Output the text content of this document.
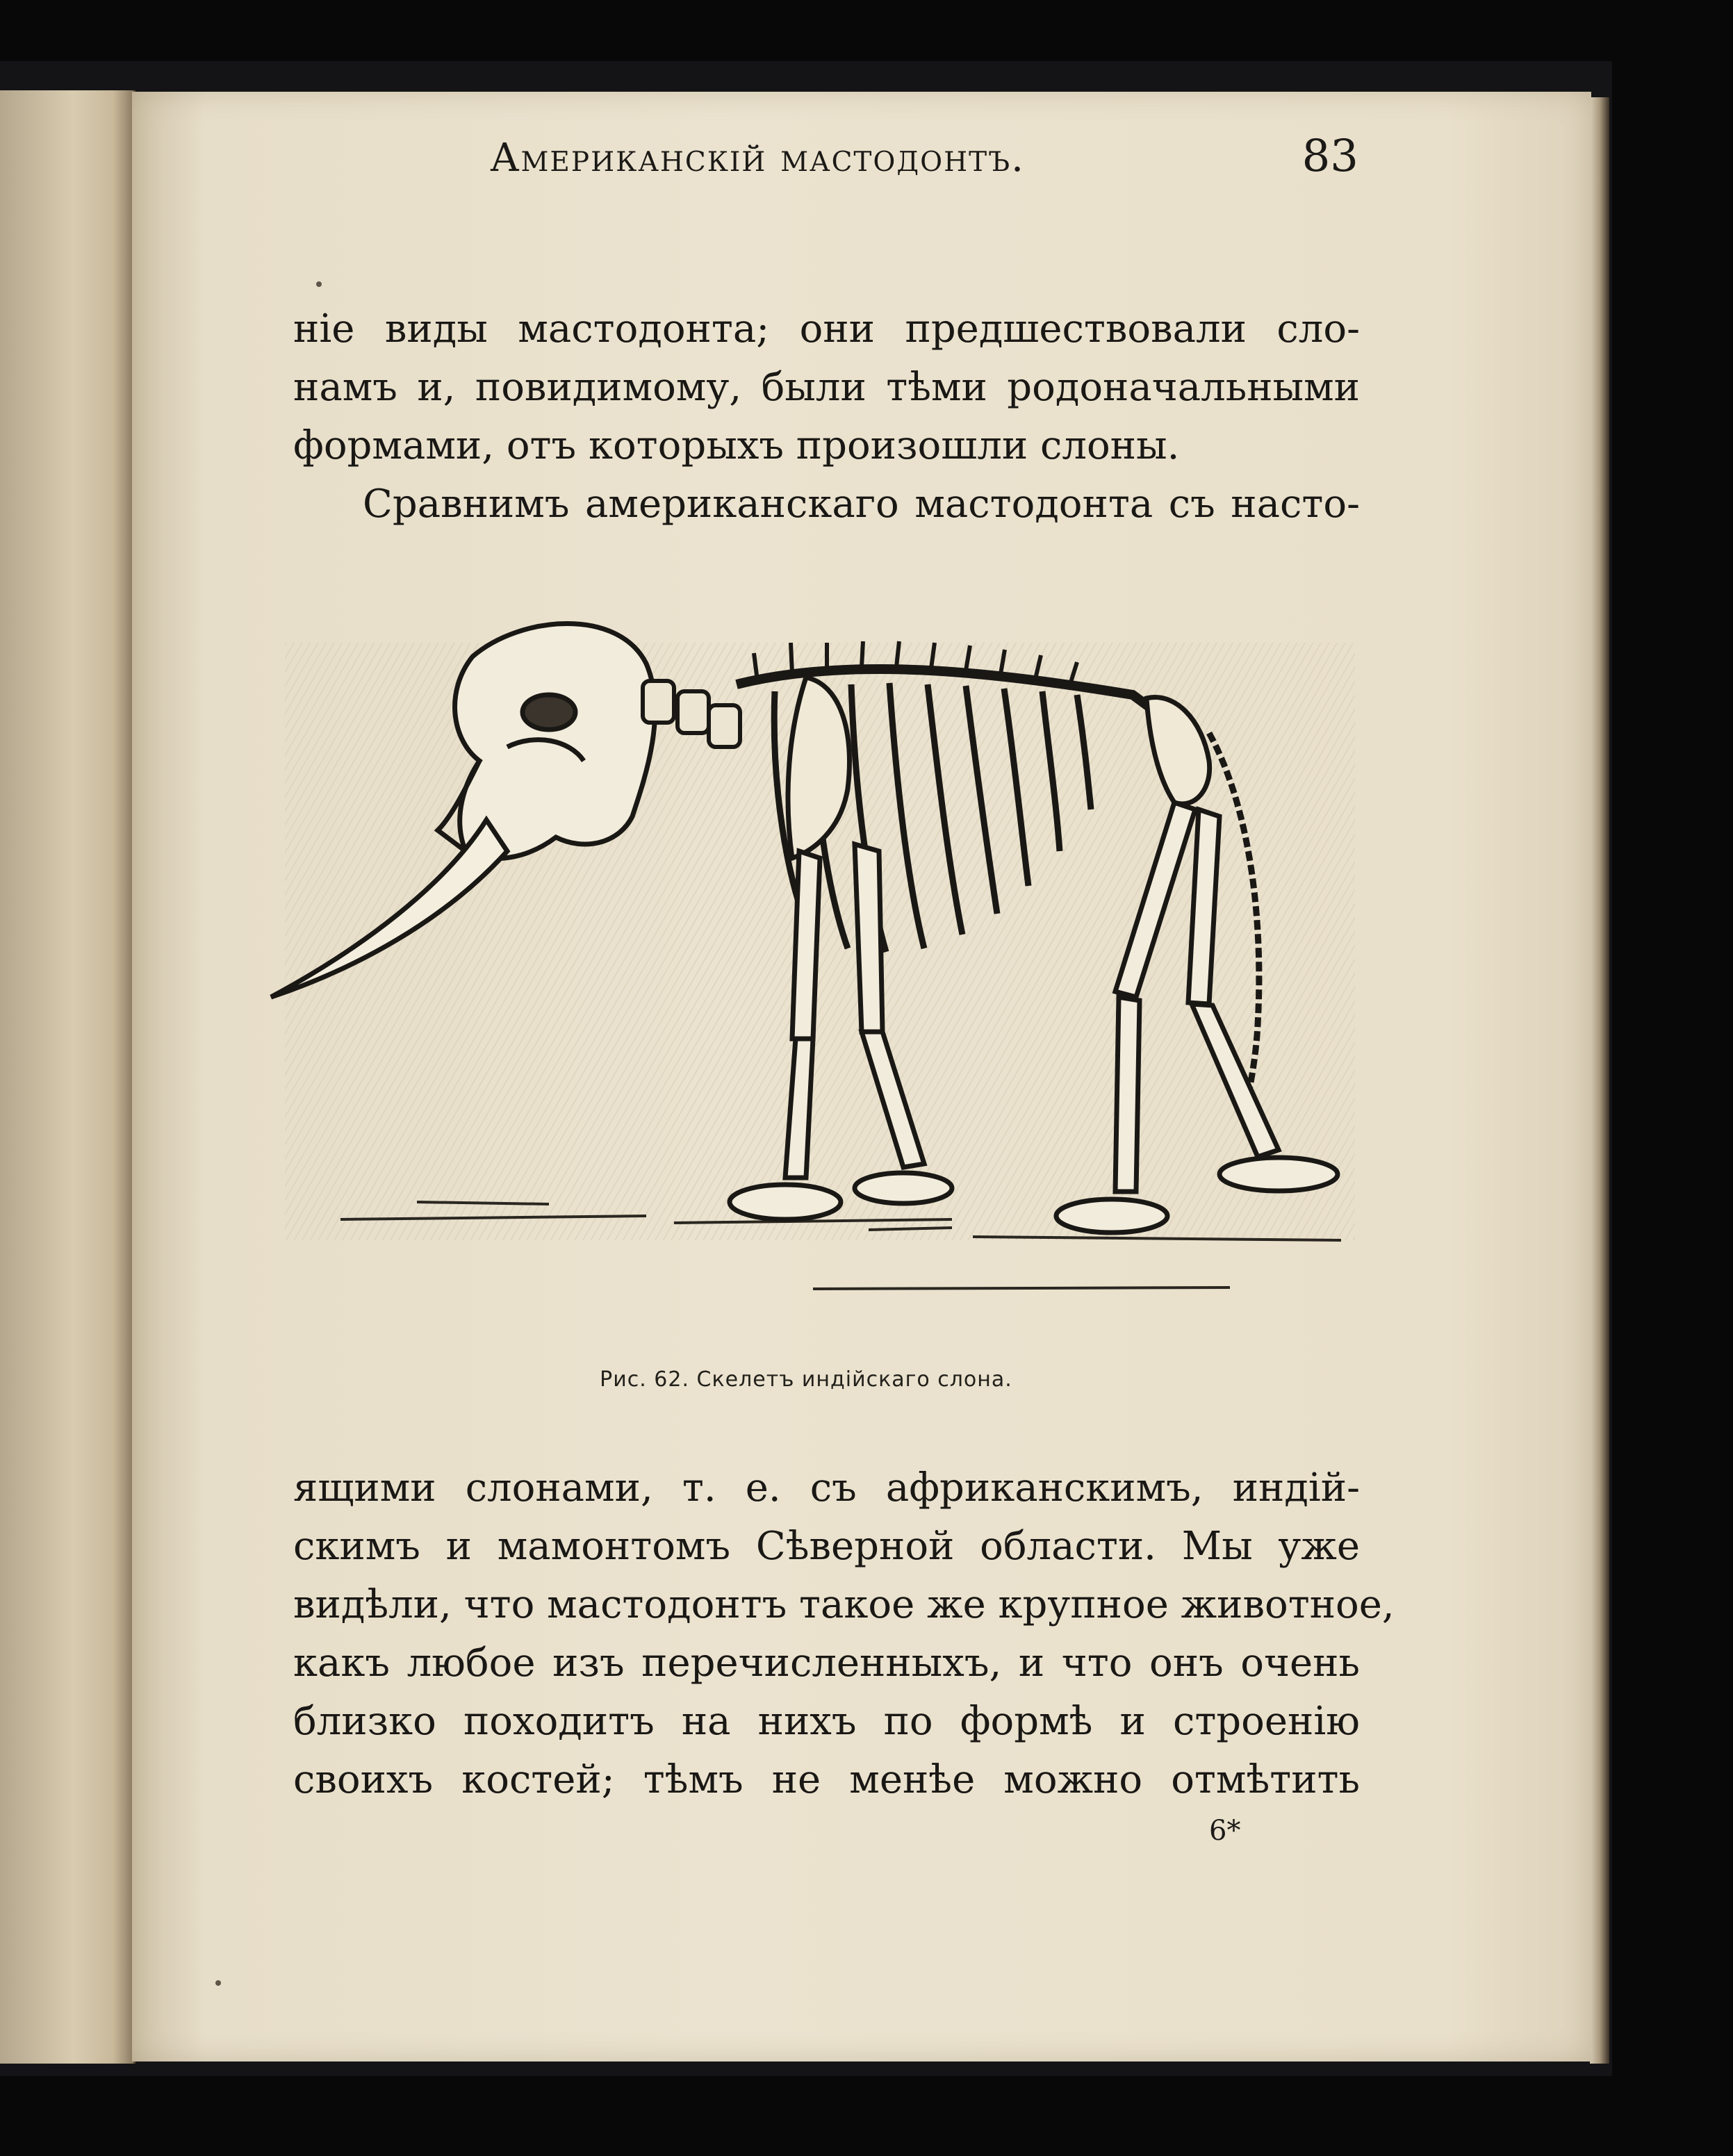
Американскій мастодонтъ.	83
ніе виды мастодонта; они предшествовали сло-
намъ и, повидимому, были тѣми родоначальными
формами, отъ которыхъ произошли слоны.
Сравнимъ американскаго мастодонта съ насто-
Рис. 62. Скелетъ индійскаго слона.
ящими слонами, т. е. съ африканскимъ, индій-
скимъ и мамонтомъ Сѣверной области. Мы уже
видѣли, что мастодонтъ такое же крупное животное,
какъ любое изъ перечисленныхъ, и что онъ очень
близко походитъ на нихъ по формѣ и строенію
своихъ костей; тѣмъ не менѣе можно отмѣтить
6*
